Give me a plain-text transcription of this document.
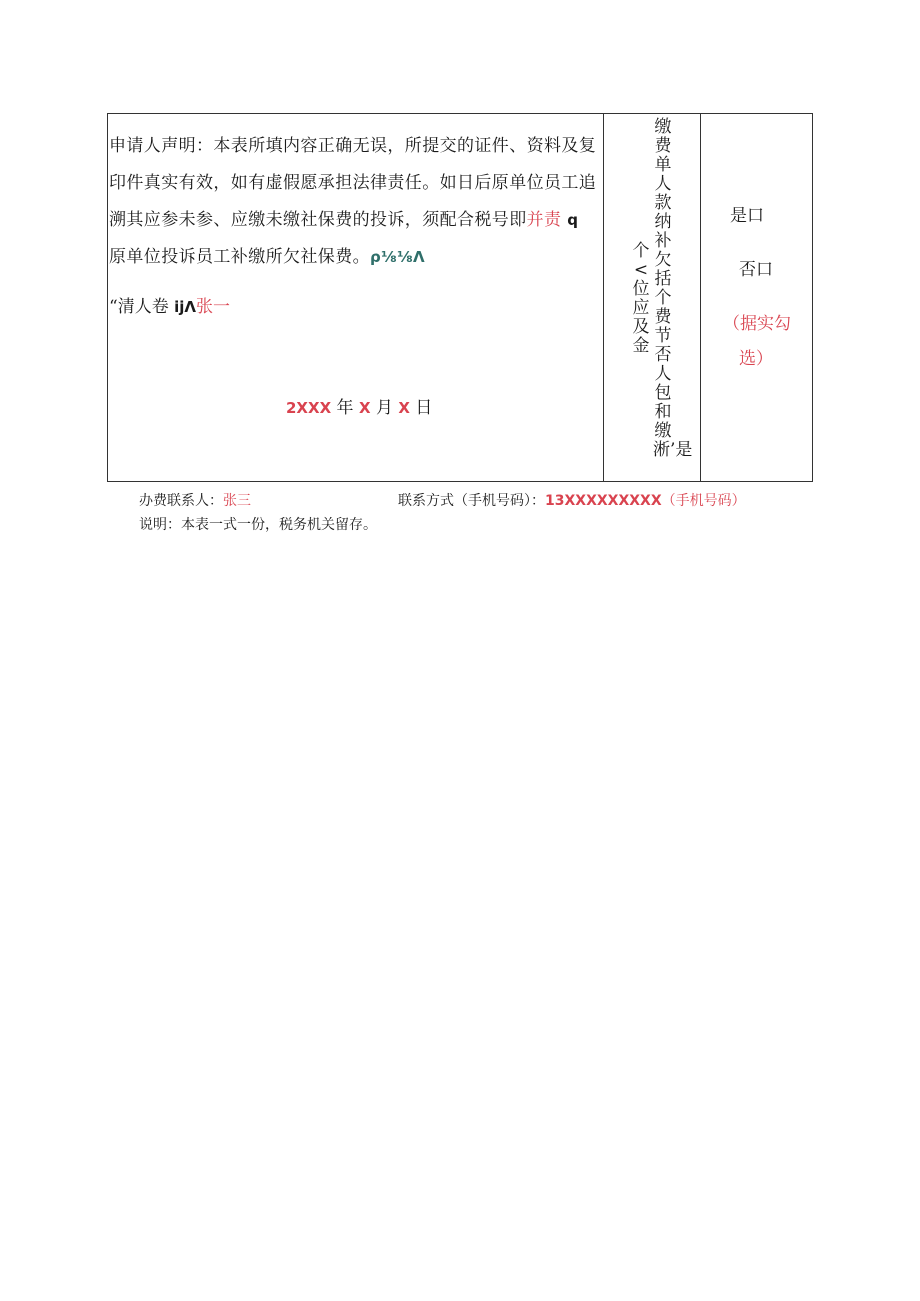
申请人声明：本表所填内容正确无误，所提交的证件、资料及复印件真实有效，如有虚假愿承担法律责任。如日后原单位员工追溯其应参未参、应缴未缴社保费的投诉，须配合税号即并责 q 原单位投诉员工补缴所欠社保费。ρ⅛⅛Λ

“清人卷 ijΛ张一
2XXX 年 X 月 X 日
个<位应及金
缴费单人款纳补欠括个费节否人包和缴淅’是
是口
否口
（据实勾
选）
办费联系人：张三	联系方式（手机号码）：13XXXXXXXXX（手机号码）
说明：本表一式一份，税务机关留存。
